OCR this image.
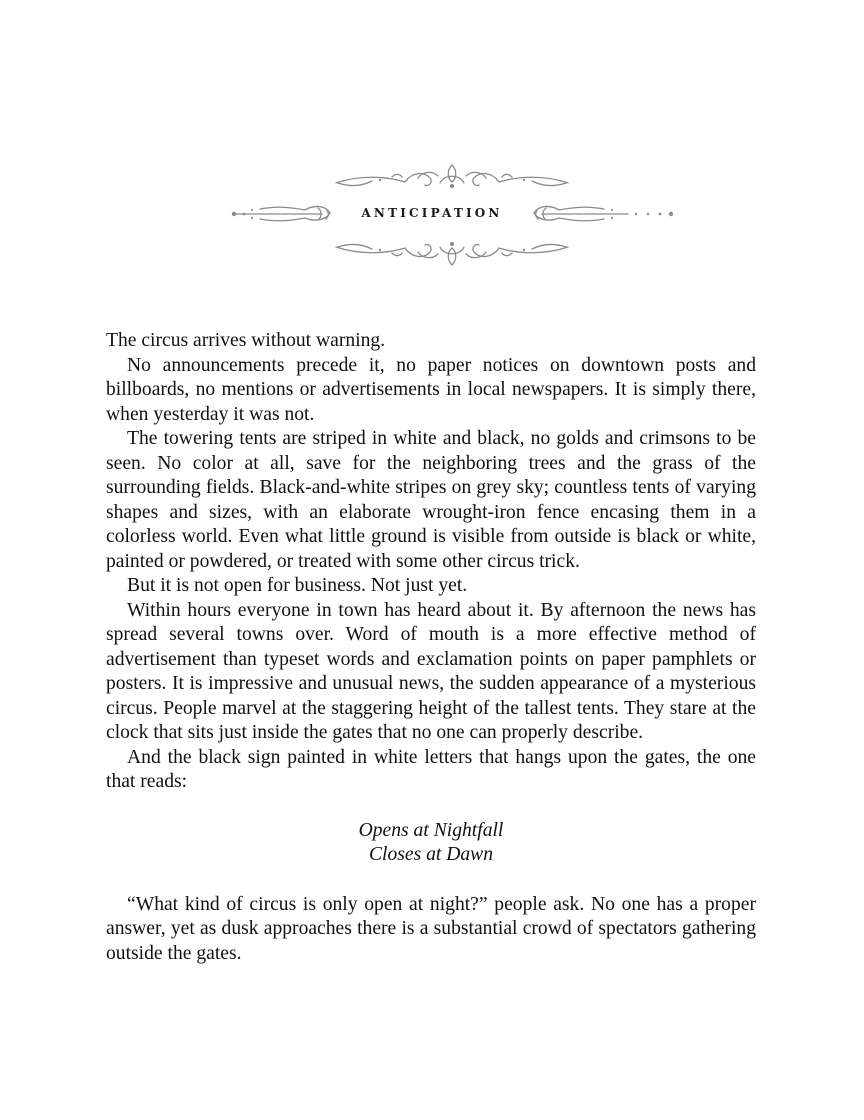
ANTICIPATION

The circus arrives without warning.

No announcements precede it, no paper notices on downtown posts and billboards, no mentions or advertisements in local newspapers. It is simply there, when yesterday it was not.

The towering tents are striped in white and black, no golds and crimsons to be seen. No color at all, save for the neighboring trees and the grass of the surrounding fields. Black-and-white stripes on grey sky; countless tents of varying shapes and sizes, with an elaborate wrought-iron fence encasing them in a colorless world. Even what little ground is visible from outside is black or white, painted or powdered, or treated with some other circus trick.

But it is not open for business. Not just yet.

Within hours everyone in town has heard about it. By afternoon the news has spread several towns over. Word of mouth is a more effective method of advertisement than typeset words and exclamation points on paper pamphlets or posters. It is impressive and unusual news, the sudden appearance of a mysterious circus. People marvel at the staggering height of the tallest tents. They stare at the clock that sits just inside the gates that no one can properly describe.

And the black sign painted in white letters that hangs upon the gates, the one that reads:

Opens at Nightfall
Closes at Dawn

“What kind of circus is only open at night?” people ask. No one has a proper answer, yet as dusk approaches there is a substantial crowd of spectators gathering outside the gates.
